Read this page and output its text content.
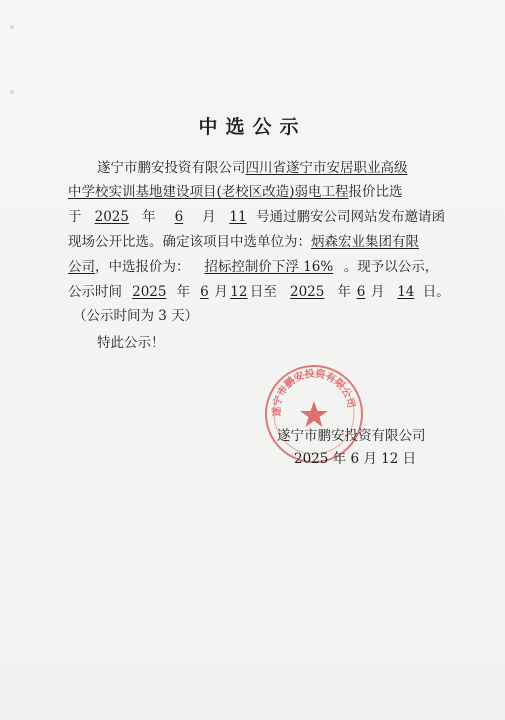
中选公示
遂宁市鹏安投资有限公司四川省遂宁市安居职业高级
中学校实训基地建设项目(老校区改造)弱电工程报价比选
于 2025 年 6 月 11 号通过鹏安公司网站发布邀请函
现场公开比选。确定该项目中选单位为：炳森宏业集团有限
公司，中选报价为： 招标控制价下浮 16% 。现予以公示，
公示时间 2025 年 6 月 12 日至 2025 年 6 月 14 日。
（公示时间为 3 天）
特此公示！
遂宁市鹏安投资有限公司
遂宁市鹏安投资有限公司
2025 年 6 月 12 日
